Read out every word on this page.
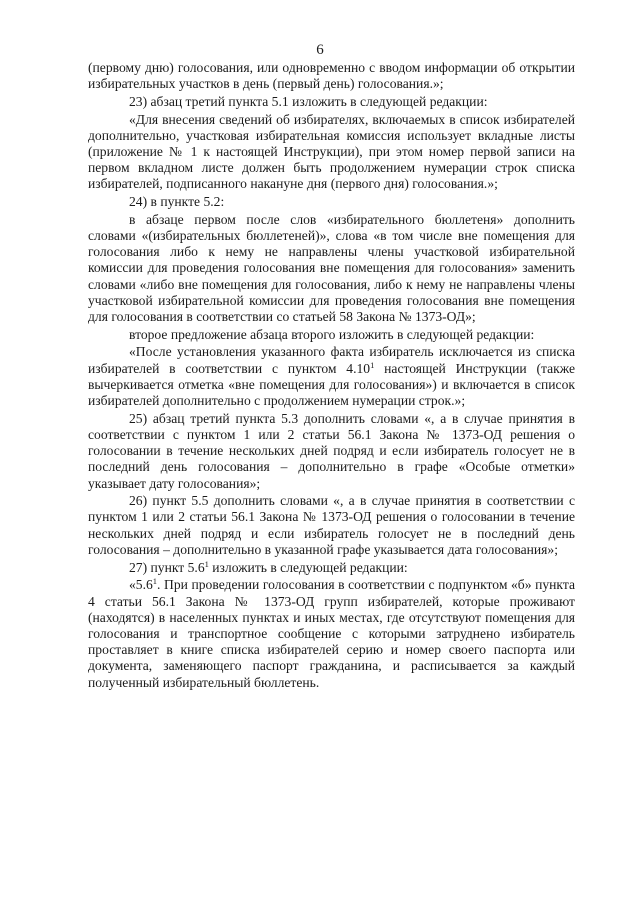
6

(первому дню) голосования, или одновременно с вводом информации об открытии избирательных участков в день (первый день) голосования.»;

23) абзац третий пункта 5.1 изложить в следующей редакции:

«Для внесения сведений об избирателях, включаемых в список избирателей дополнительно, участковая избирательная комиссия использует вкладные листы (приложение № 1 к настоящей Инструкции), при этом номер первой записи на первом вкладном листе должен быть продолжением нумерации строк списка избирателей, подписанного накануне дня (первого дня) голосования.»;

24) в пункте 5.2:

в абзаце первом после слов «избирательного бюллетеня» дополнить словами «(избирательных бюллетеней)», слова «в том числе вне помещения для голосования либо к нему не направлены члены участковой избирательной комиссии для проведения голосования вне помещения для голосования» заменить словами «либо вне помещения для голосования, либо к нему не направлены члены участковой избирательной комиссии для проведения голосования вне помещения для голосования в соответствии со статьей 58 Закона № 1373-ОД»;

второе предложение абзаца второго изложить в следующей редакции:

«После установления указанного факта избиратель исключается из списка избирателей в соответствии с пунктом 4.10$^1$ настоящей Инструкции (также вычеркивается отметка «вне помещения для голосования») и включается в список избирателей дополнительно с продолжением нумерации строк.»;

25) абзац третий пункта 5.3 дополнить словами «, а в случае принятия в соответствии с пунктом 1 или 2 статьи 56.1 Закона № 1373-ОД решения о голосовании в течение нескольких дней подряд и если избиратель голосует не в последний день голосования – дополнительно в графе «Особые отметки» указывает дату голосования»;

26) пункт 5.5 дополнить словами «, а в случае принятия в соответствии с пунктом 1 или 2 статьи 56.1 Закона № 1373-ОД решения о голосовании в течение нескольких дней подряд и если избиратель голосует не в последний день голосования – дополнительно в указанной графе указывается дата голосования»;

27) пункт $5.6^1$ изложить в следующей редакции:

«$5.6^1$. При проведении голосования в соответствии с подпунктом «б» пункта 4 статьи 56.1 Закона № 1373-ОД групп избирателей, которые проживают (находятся) в населенных пунктах и иных местах, где отсутствуют помещения для голосования и транспортное сообщение с которыми затруднено избиратель проставляет в книге списка избирателей серию и номер своего паспорта или документа, заменяющего паспорт гражданина, и расписывается за каждый полученный избирательный бюллетень.
